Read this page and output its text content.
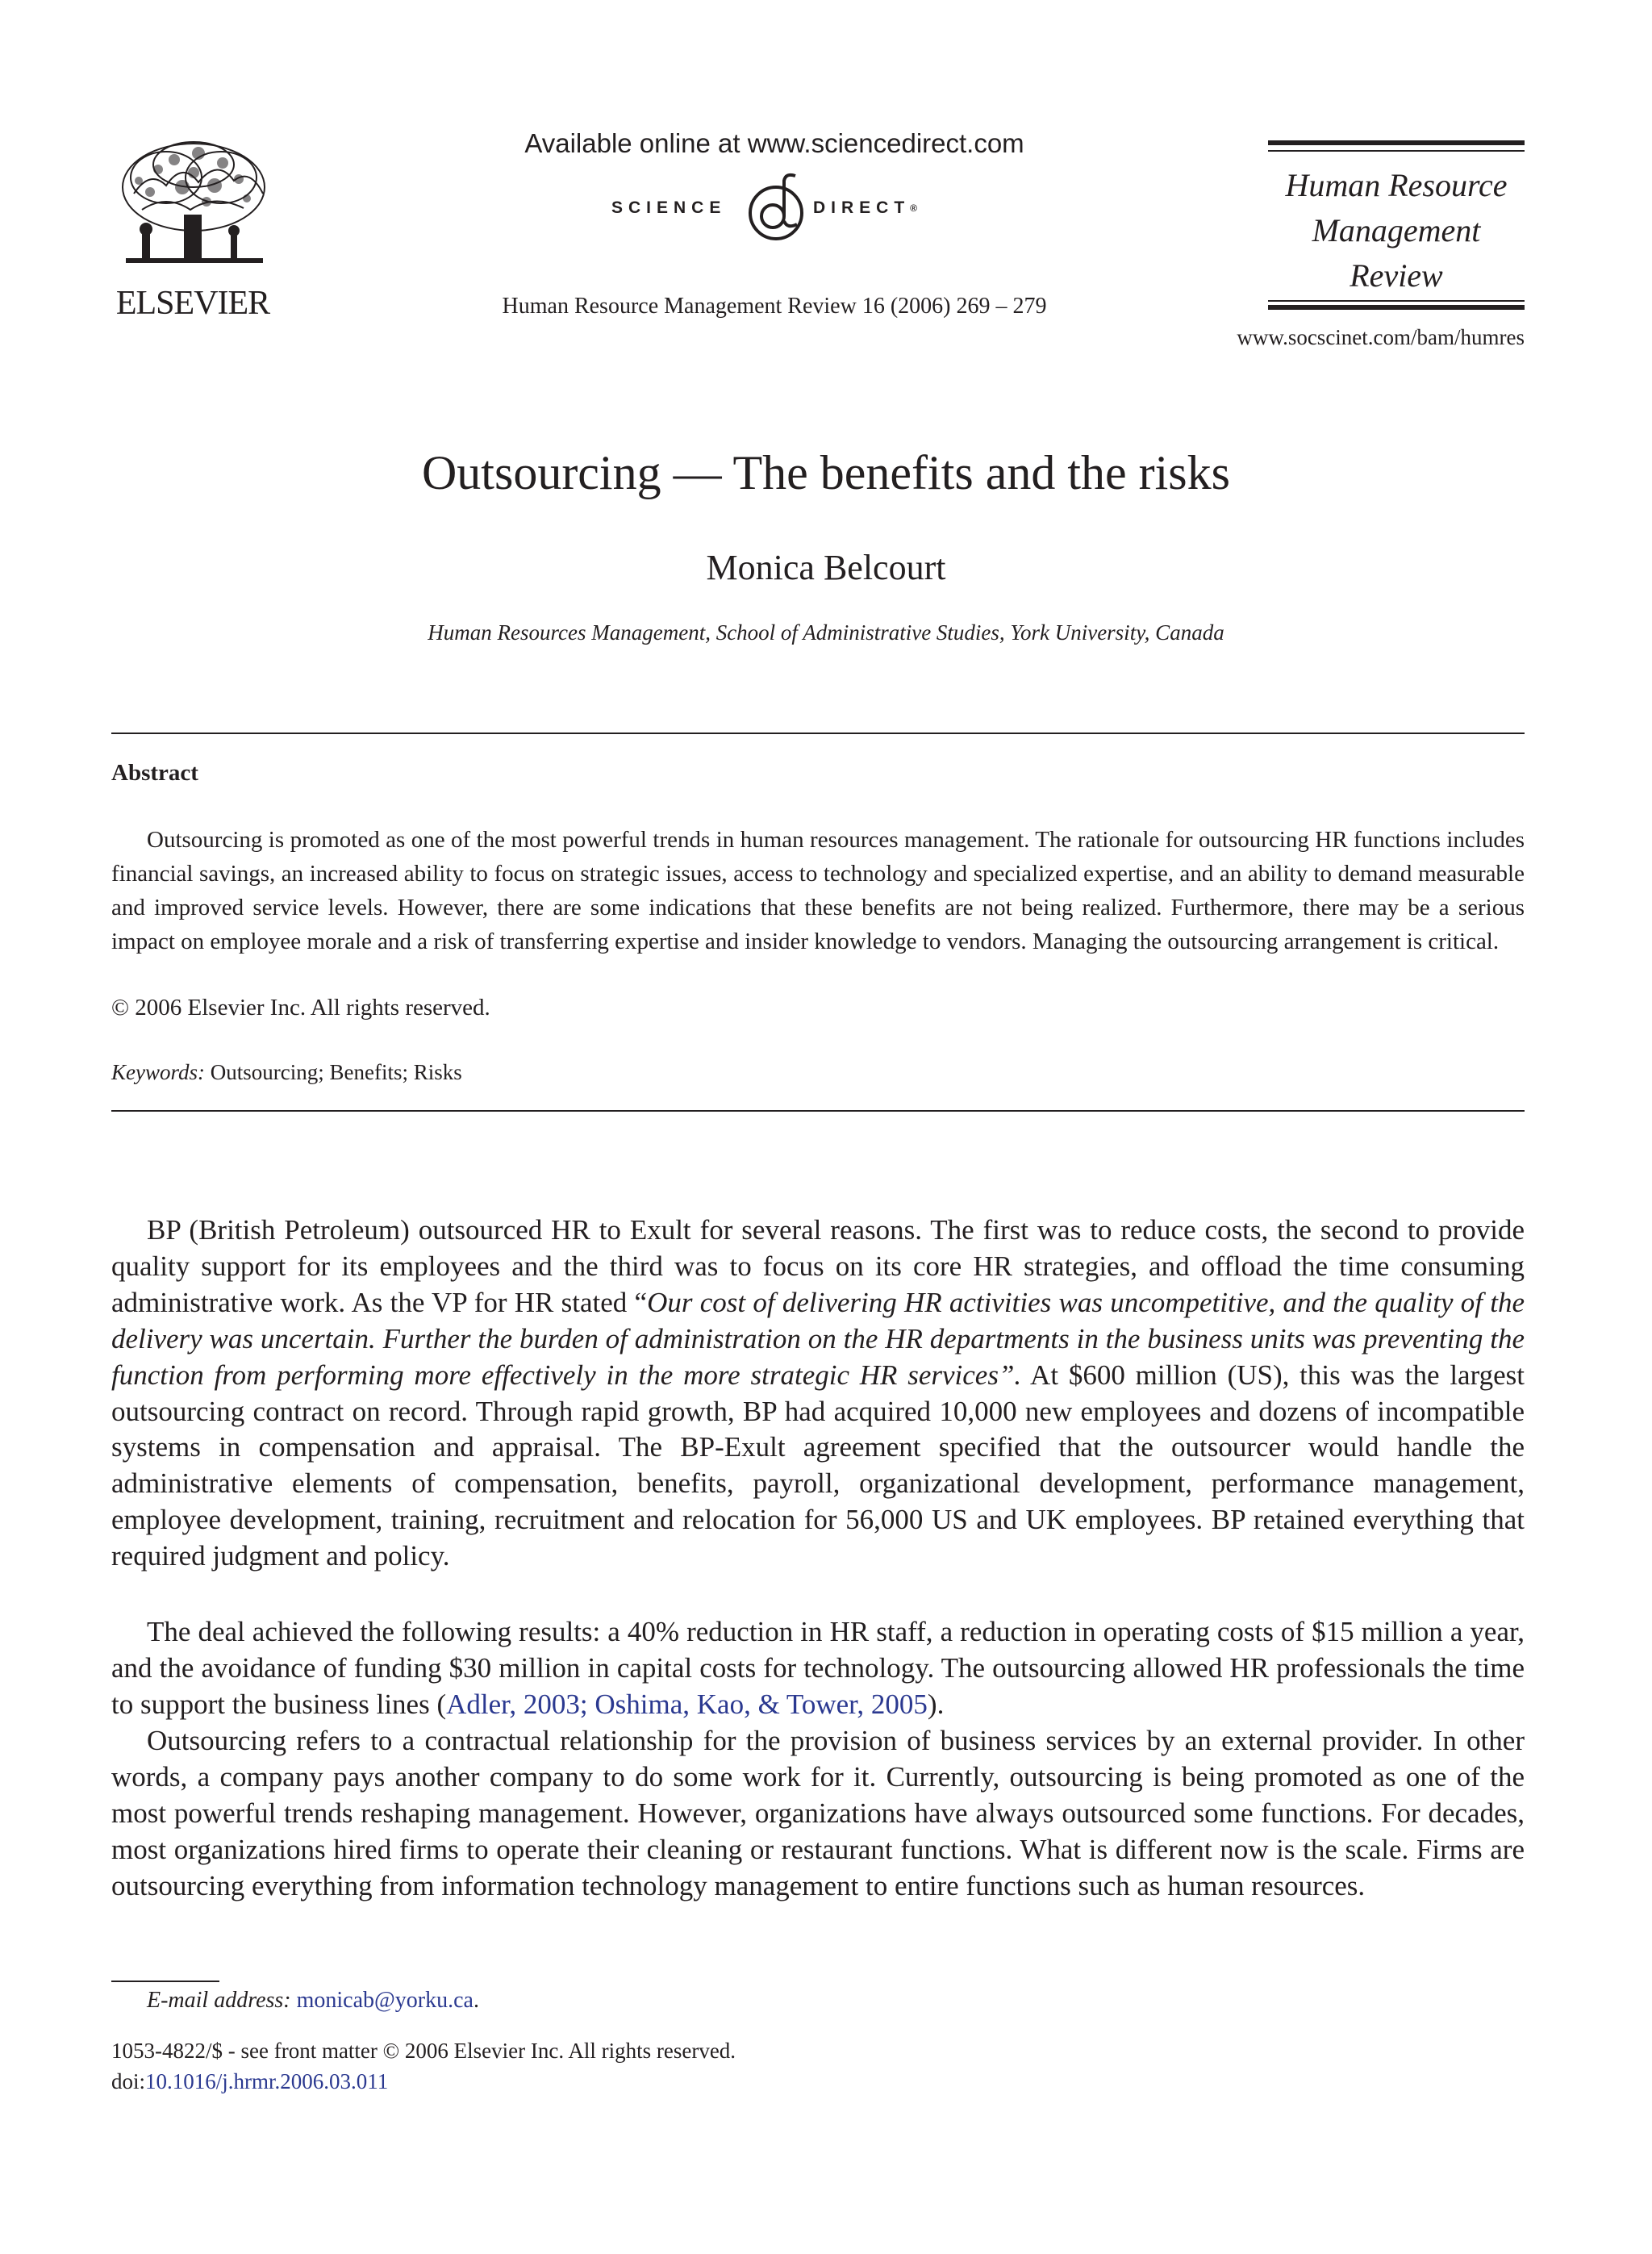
ELSEVIER
Available online at www.sciencedirect.com
SCIENCE	DIRECT®
Human Resource Management Review 16 (2006) 269 – 279
Human Resource
Management
Review
www.socscinet.com/bam/humres
Outsourcing — The benefits and the risks
Monica Belcourt
Human Resources Management, School of Administrative Studies, York University, Canada
Abstract

Outsourcing is promoted as one of the most powerful trends in human resources management. The rationale for outsourcing HR functions includes financial savings, an increased ability to focus on strategic issues, access to technology and specialized expertise, and an ability to demand measurable and improved service levels. However, there are some indications that these benefits are not being realized. Furthermore, there may be a serious impact on employee morale and a risk of transferring expertise and insider knowledge to vendors. Managing the outsourcing arrangement is critical.

© 2006 Elsevier Inc. All rights reserved.
Keywords: Outsourcing; Benefits; Risks

BP (British Petroleum) outsourced HR to Exult for several reasons. The first was to reduce costs, the second to provide quality support for its employees and the third was to focus on its core HR strategies, and offload the time consuming administrative work. As the VP for HR stated “Our cost of delivering HR activities was uncompetitive, and the quality of the delivery was uncertain. Further the burden of administration on the HR departments in the business units was preventing the function from performing more effectively in the more strategic HR services”. At $600 million (US), this was the largest outsourcing contract on record. Through rapid growth, BP had acquired 10,000 new employees and dozens of incompatible systems in compensation and appraisal. The BP-Exult agreement specified that the outsourcer would handle the administrative elements of compensation, benefits, payroll, organizational development, performance management, employee development, training, recruitment and relocation for 56,000 US and UK employees. BP retained everything that required judgment and policy.

The deal achieved the following results: a 40% reduction in HR staff, a reduction in operating costs of $15 million a year, and the avoidance of funding $30 million in capital costs for technology. The outsourcing allowed HR professionals the time to support the business lines (Adler, 2003; Oshima, Kao, & Tower, 2005).

Outsourcing refers to a contractual relationship for the provision of business services by an external provider. In other words, a company pays another company to do some work for it. Currently, outsourcing is being promoted as one of the most powerful trends reshaping management. However, organizations have always outsourced some functions. For decades, most organizations hired firms to operate their cleaning or restaurant functions. What is different now is the scale. Firms are outsourcing everything from information technology management to entire functions such as human resources.

E-mail address: monicab@yorku.ca.
1053-4822/$ - see front matter © 2006 Elsevier Inc. All rights reserved.
doi:10.1016/j.hrmr.2006.03.011
